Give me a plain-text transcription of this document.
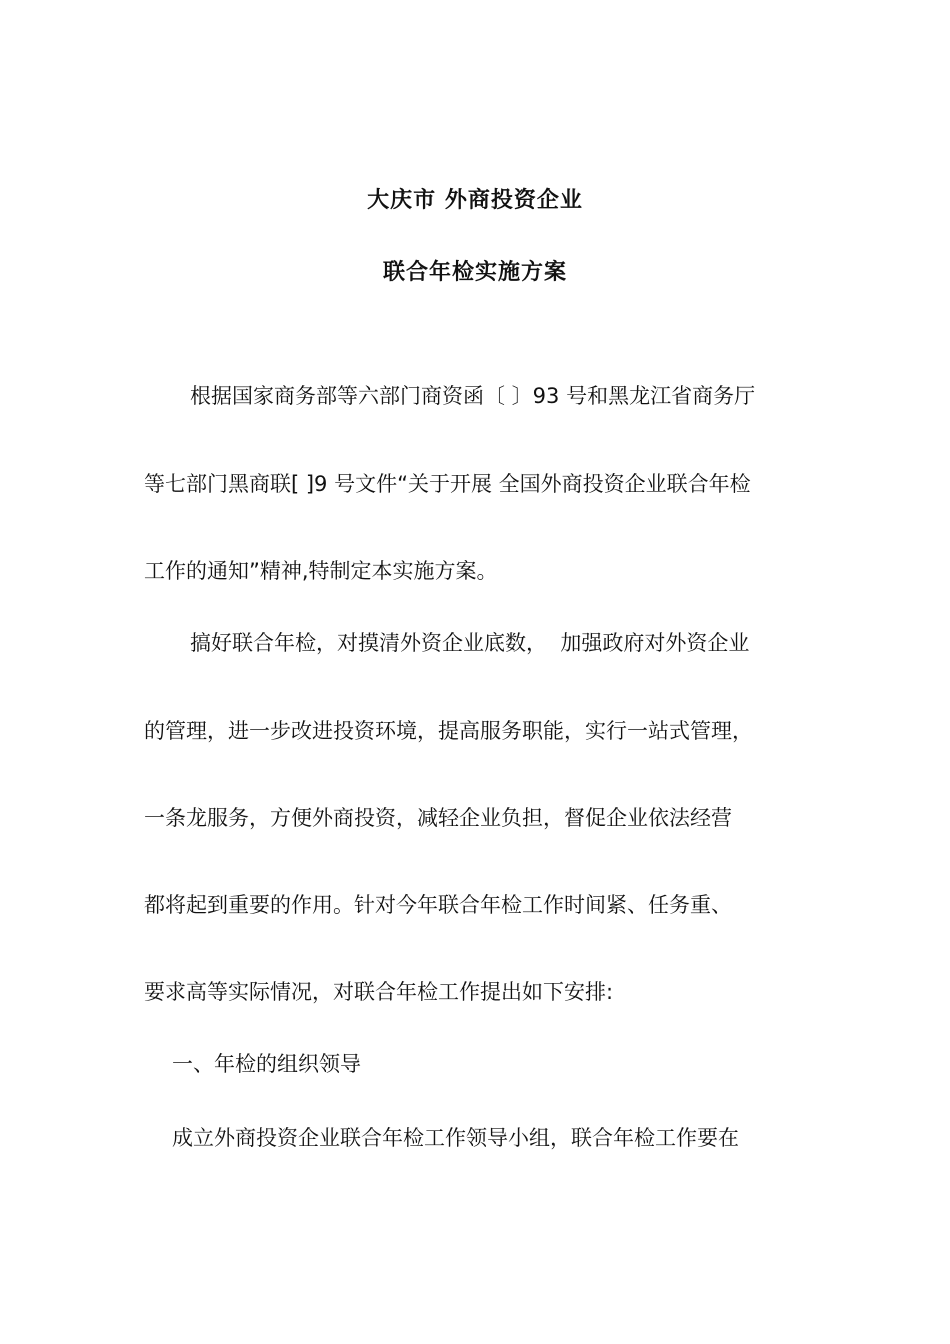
大庆市 外商投资企业
联合年检实施方案
根据国家商务部等六部门商资函〔 〕93 号和黑龙江省商务厅
等七部门黑商联[ ]9 号文件“关于开展 全国外商投资企业联合年检
工作的通知”精神,特制定本实施方案。
搞好联合年检，对摸清外资企业底数，  加强政府对外资企业
的管理，进一步改进投资环境，提高服务职能，实行一站式管理，
一条龙服务，方便外商投资，减轻企业负担，督促企业依法经营
都将起到重要的作用。针对今年联合年检工作时间紧、任务重、
要求高等实际情况，对联合年检工作提出如下安排:
一、年检的组织领导
成立外商投资企业联合年检工作领导小组，联合年检工作要在
